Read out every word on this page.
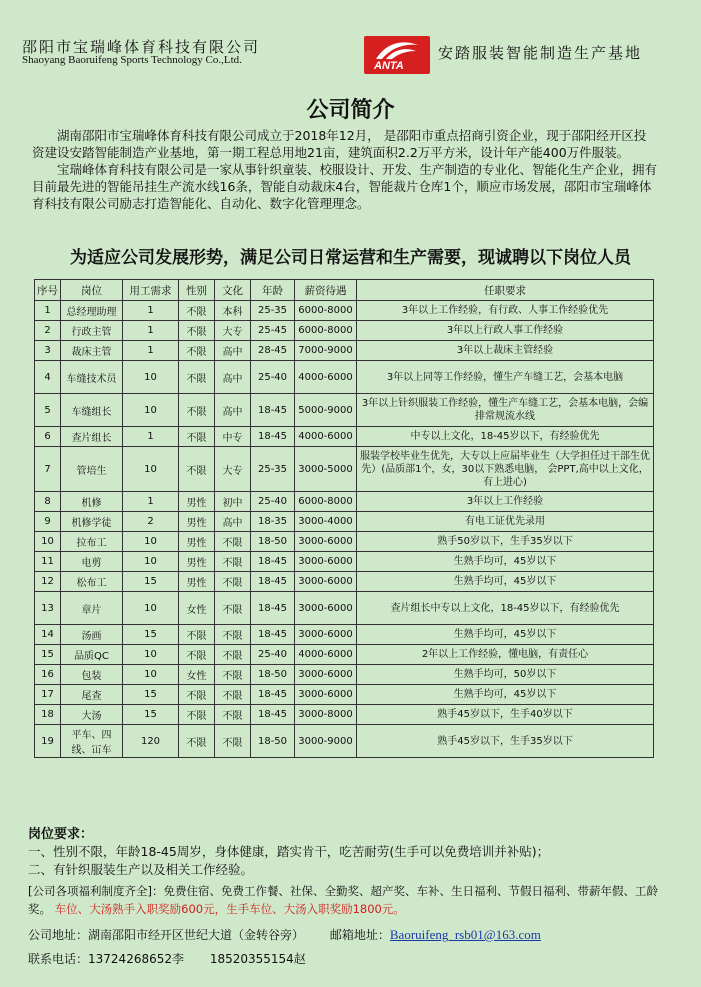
邵阳市宝瑞峰体育科技有限公司
Shaoyang Baoruifeng Sports Technology Co.,Ltd.	ANTA
安踏服装智能制造生产基地
公司简介

湖南邵阳市宝瑞峰体育科技有限公司成立于2018年12月， 是邵阳市重点招商引资企业，现于邵阳经开区投资建设安踏智能制造产业基地，第一期工程总用地21亩，建筑面积2.2万平方米，设计年产能400万件服装。

宝瑞峰体育科技有限公司是一家从事针织童装、校服设计、开发、生产制造的专业化、智能化生产企业，拥有目前最先进的智能吊挂生产流水线16条，智能自动裁床4台，智能裁片仓库1个，顺应市场发展，邵阳市宝瑞峰体育科技有限公司励志打造智能化、自动化、数字化管理理念。

为适应公司发展形势，满足公司日常运营和生产需要，现诚聘以下岗位人员
序号	岗位	用工需求	性别	文化	年龄	薪资待遇	任职要求
1	总经理助理	1	不限	本科	25-35	6000-8000	3年以上工作经验，有行政、人事工作经验优先
2	行政主管	1	不限	大专	25-45	6000-8000	3年以上行政人事工作经验
3	裁床主管	1	不限	高中	28-45	7000-9000	3年以上裁床主管经验
4	车缝技术员	10	不限	高中	25-40	4000-6000	3年以上同等工作经验，懂生产车缝工艺，会基本电脑
5	车缝组长	10	不限	高中	18-45	5000-9000	3年以上针织服装工作经验，懂生产车缝工艺，会基本电脑，会编排常规流水线
6	查片组长	1	不限	中专	18-45	4000-6000	中专以上文化，18-45岁以下，有经验优先
7	管培生	10	不限	大专	25-35	3000-5000	服装学校毕业生优先，大专以上应届毕业生（大学担任过干部生优先）(品质部1个，女，30以下熟悉电脑， 会PPT,高中以上文化，有上进心)
8	机修	1	男性	初中	25-40	6000-8000	3年以上工作经验
9	机修学徒	2	男性	高中	18-35	3000-4000	有电工证优先录用
10	拉布工	10	男性	不限	18-50	3000-6000	熟手50岁以下，生手35岁以下
11	电剪	10	男性	不限	18-45	3000-6000	生熟手均可，45岁以下
12	松布工	15	男性	不限	18-45	3000-6000	生熟手均可，45岁以下
13	章片	10	女性	不限	18-45	3000-6000	查片组长中专以上文化，18-45岁以下，有经验优先
14	汤画	15	不限	不限	18-45	3000-6000	生熟手均可，45岁以下
15	品质QC	10	不限	不限	25-40	4000-6000	2年以上工作经验，懂电脑，有责任心
16	包装	10	女性	不限	18-50	3000-6000	生熟手均可，50岁以下
17	尾查	15	不限	不限	18-45	3000-6000	生熟手均可，45岁以下
18	大汤	15	不限	不限	18-45	3000-8000	熟手45岁以下，生手40岁以下
19	平车、四线、冚车	120	不限	不限	18-50	3000-9000	熟手45岁以下，生手35岁以下
岗位要求：
一、性别不限，年龄18-45周岁，身体健康，踏实肯干，吃苦耐劳(生手可以免费培训并补贴)；
二、有针织服装生产以及相关工作经验。
[公司各项福利制度齐全]：免费住宿、免费工作餐、社保、全勤奖、超产奖、车补、生日福利、节假日福利、带薪年假、工龄奖。 车位、大汤熟手入职奖励600元，生手车位、大汤入职奖励1800元。
公司地址：湖南邵阳市经开区世纪大道（金转谷旁） 邮箱地址：Baoruifeng_rsb01@163.com
联系电话：13724268652李 18520355154赵
